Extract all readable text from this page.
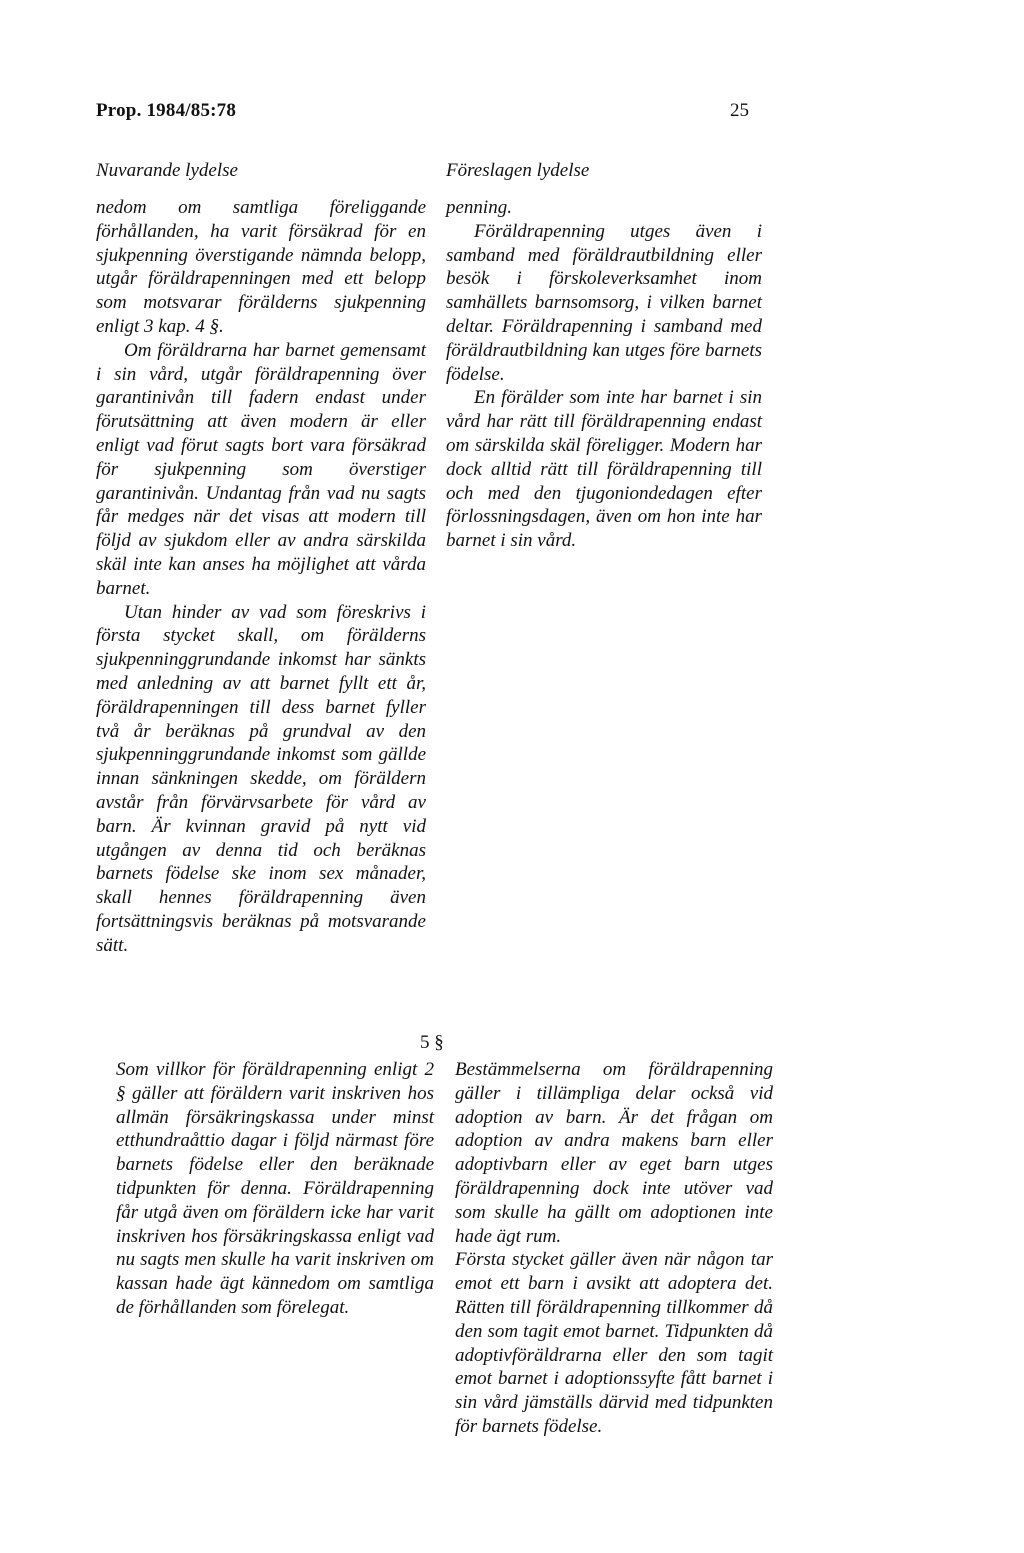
Prop. 1984/85:78	25
Nuvarande lydelse	Föreslagen lydelse

nedom om samtliga föreliggande förhållanden, ha varit försäkrad för en sjukpenning överstigande nämnda belopp, utgår föräldrapenningen med ett belopp som motsvarar förälderns sjukpenning enligt 3 kap. 4 §.

Om föräldrarna har barnet gemensamt i sin vård, utgår föräldrapenning över garantinivån till fadern endast under förutsättning att även modern är eller enligt vad förut sagts bort vara försäkrad för sjukpenning som överstiger garantinivån. Undantag från vad nu sagts får medges när det visas att modern till följd av sjukdom eller av andra särskilda skäl inte kan anses ha möjlighet att vårda barnet.

Utan hinder av vad som föreskrivs i första stycket skall, om förälderns sjukpenninggrundande inkomst har sänkts med anledning av att barnet fyllt ett år, föräldrapenningen till dess barnet fyller två år beräknas på grundval av den sjukpenninggrundande inkomst som gällde innan sänkningen skedde, om föräldern avstår från förvärvsarbete för vård av barn. Är kvinnan gravid på nytt vid utgången av denna tid och beräknas barnets födelse ske inom sex månader, skall hennes föräldrapenning även fortsättningsvis beräknas på motsvarande sätt.

penning.

Föräldrapenning utges även i samband med föräldrautbildning eller besök i förskoleverksamhet inom samhällets barnsomsorg, i vilken barnet deltar. Föräldrapenning i samband med föräldrautbildning kan utges före barnets födelse.

En förälder som inte har barnet i sin vård har rätt till föräldrapenning endast om särskilda skäl föreligger. Modern har dock alltid rätt till föräldrapenning till och med den tjugoniondedagen efter förlossningsdagen, även om hon inte har barnet i sin vård.

5 §

Som villkor för föräldrapenning enligt 2 § gäller att föräldern varit inskriven hos allmän försäkringskassa under minst etthundraåttio dagar i följd närmast före barnets födelse eller den beräknade tidpunkten för denna. Föräldrapenning får utgå även om föräldern icke har varit inskriven hos försäkringskassa enligt vad nu sagts men skulle ha varit inskriven om kassan hade ägt kännedom om samtliga de förhållanden som förelegat.

Bestämmelserna om föräldrapenning gäller i tillämpliga delar också vid adoption av barn. Är det frågan om adoption av andra makens barn eller adoptivbarn eller av eget barn utges föräldrapenning dock inte utöver vad som skulle ha gällt om adoptionen inte hade ägt rum.

Första stycket gäller även när någon tar emot ett barn i avsikt att adoptera det. Rätten till föräldrapenning tillkommer då den som tagit emot barnet. Tidpunkten då adoptivföräldrarna eller den som tagit emot barnet i adoptionssyfte fått barnet i sin vård jämställs därvid med tidpunkten för barnets födelse.
